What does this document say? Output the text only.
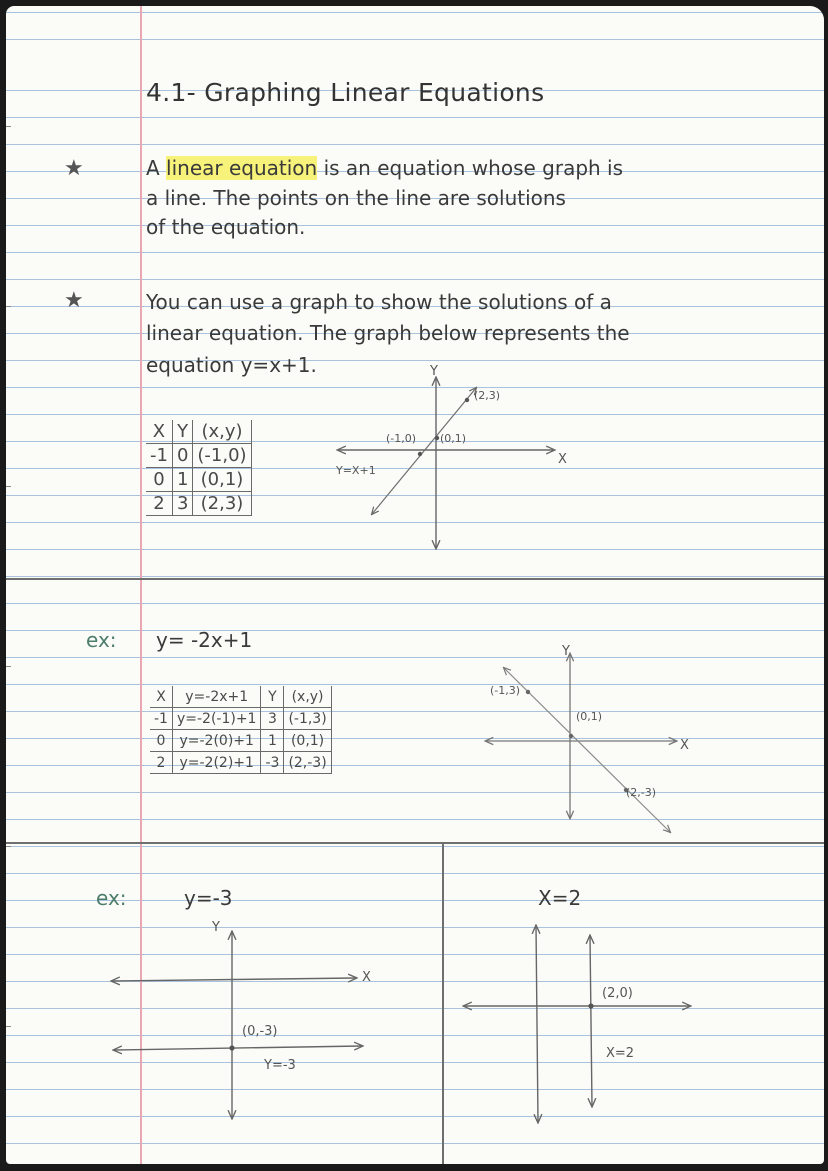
4.1- Graphing Linear Equations
★	A linear equation is an equation whose graph is
a line. The points on the line are solutions
of the equation.
★	You can use a graph to show the solutions of a
linear equation. The graph below represents the
equation y=x+1.
X	Y	(x,y)
-1	0	(-1,0)
0	1	(0,1)
2	3	(2,3)
Y
X
(2,3)
(-1,0) (0,1)
Y=X+1
ex: y= -2x+1
X	y=-2x+1	Y	(x,y)
-1	y=-2(-1)+1	3	(-1,3)
0	y=-2(0)+1	1	(0,1)
2	y=-2(2)+1	-3	(2,-3)
Y
X
(-1,3)
(0,1)
(2,-3)
ex:	y=-3
Y
X
(0,-3)
Y=-3
X=2
(2,0)
X=2
